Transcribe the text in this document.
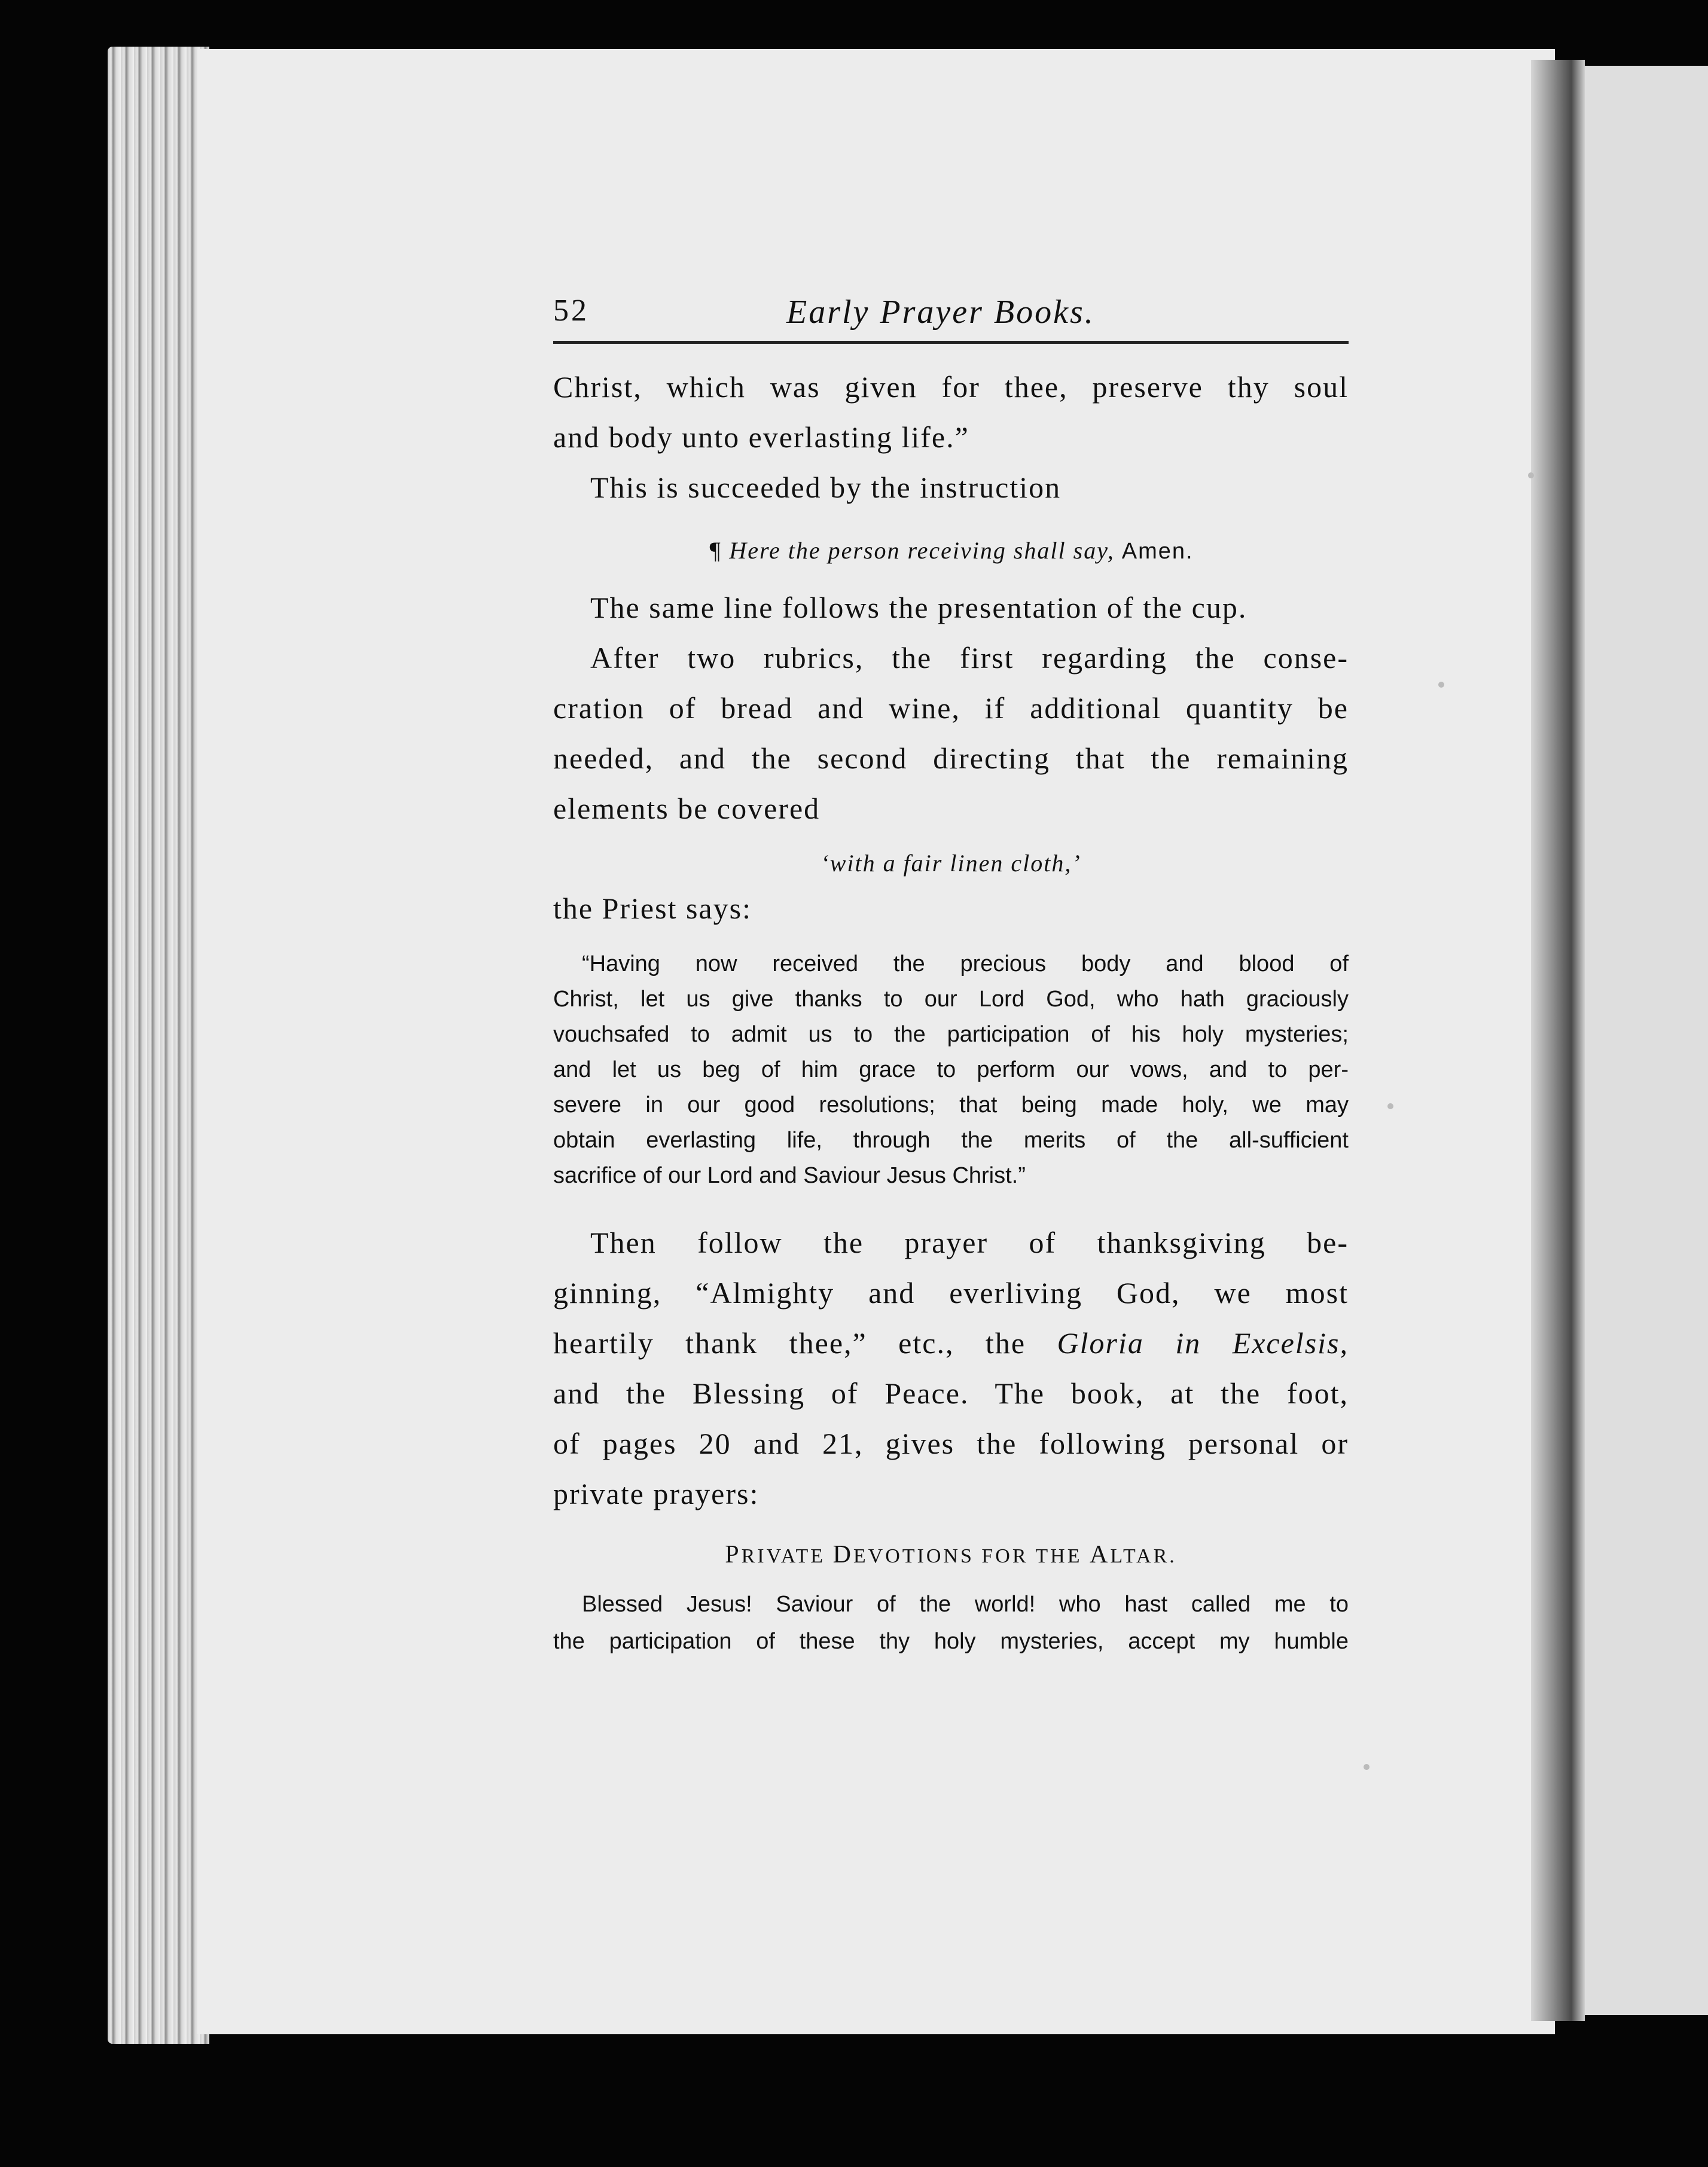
52	Early Prayer Books.
Christ, which was given for thee, preserve thy soul
and body unto everlasting life.”
This is succeeded by the instruction
¶ Here the person receiving shall say, Amen.
The same line follows the presentation of the cup.
After two rubrics, the first regarding the conse-
cration of bread and wine, if additional quantity be
needed, and the second directing that the remaining
elements be covered
‘with a fair linen cloth,’
the Priest says:
“Having now received the precious body and blood of
Christ, let us give thanks to our Lord God, who hath graciously
vouchsafed to admit us to the participation of his holy mysteries;
and let us beg of him grace to perform our vows, and to per-
severe in our good resolutions; that being made holy, we may
obtain everlasting life, through the merits of the all-sufficient
sacrifice of our Lord and Saviour Jesus Christ.”
Then follow the prayer of thanksgiving be-
ginning, “Almighty and everliving God, we most
heartily thank thee,” etc., the Gloria in Excelsis,
and the Blessing of Peace. The book, at the foot,
of pages 20 and 21, gives the following personal or
private prayers:
PRIVATE DEVOTIONS FOR THE ALTAR.
Blessed Jesus! Saviour of the world! who hast called me to
the participation of these thy holy mysteries, accept my humble
